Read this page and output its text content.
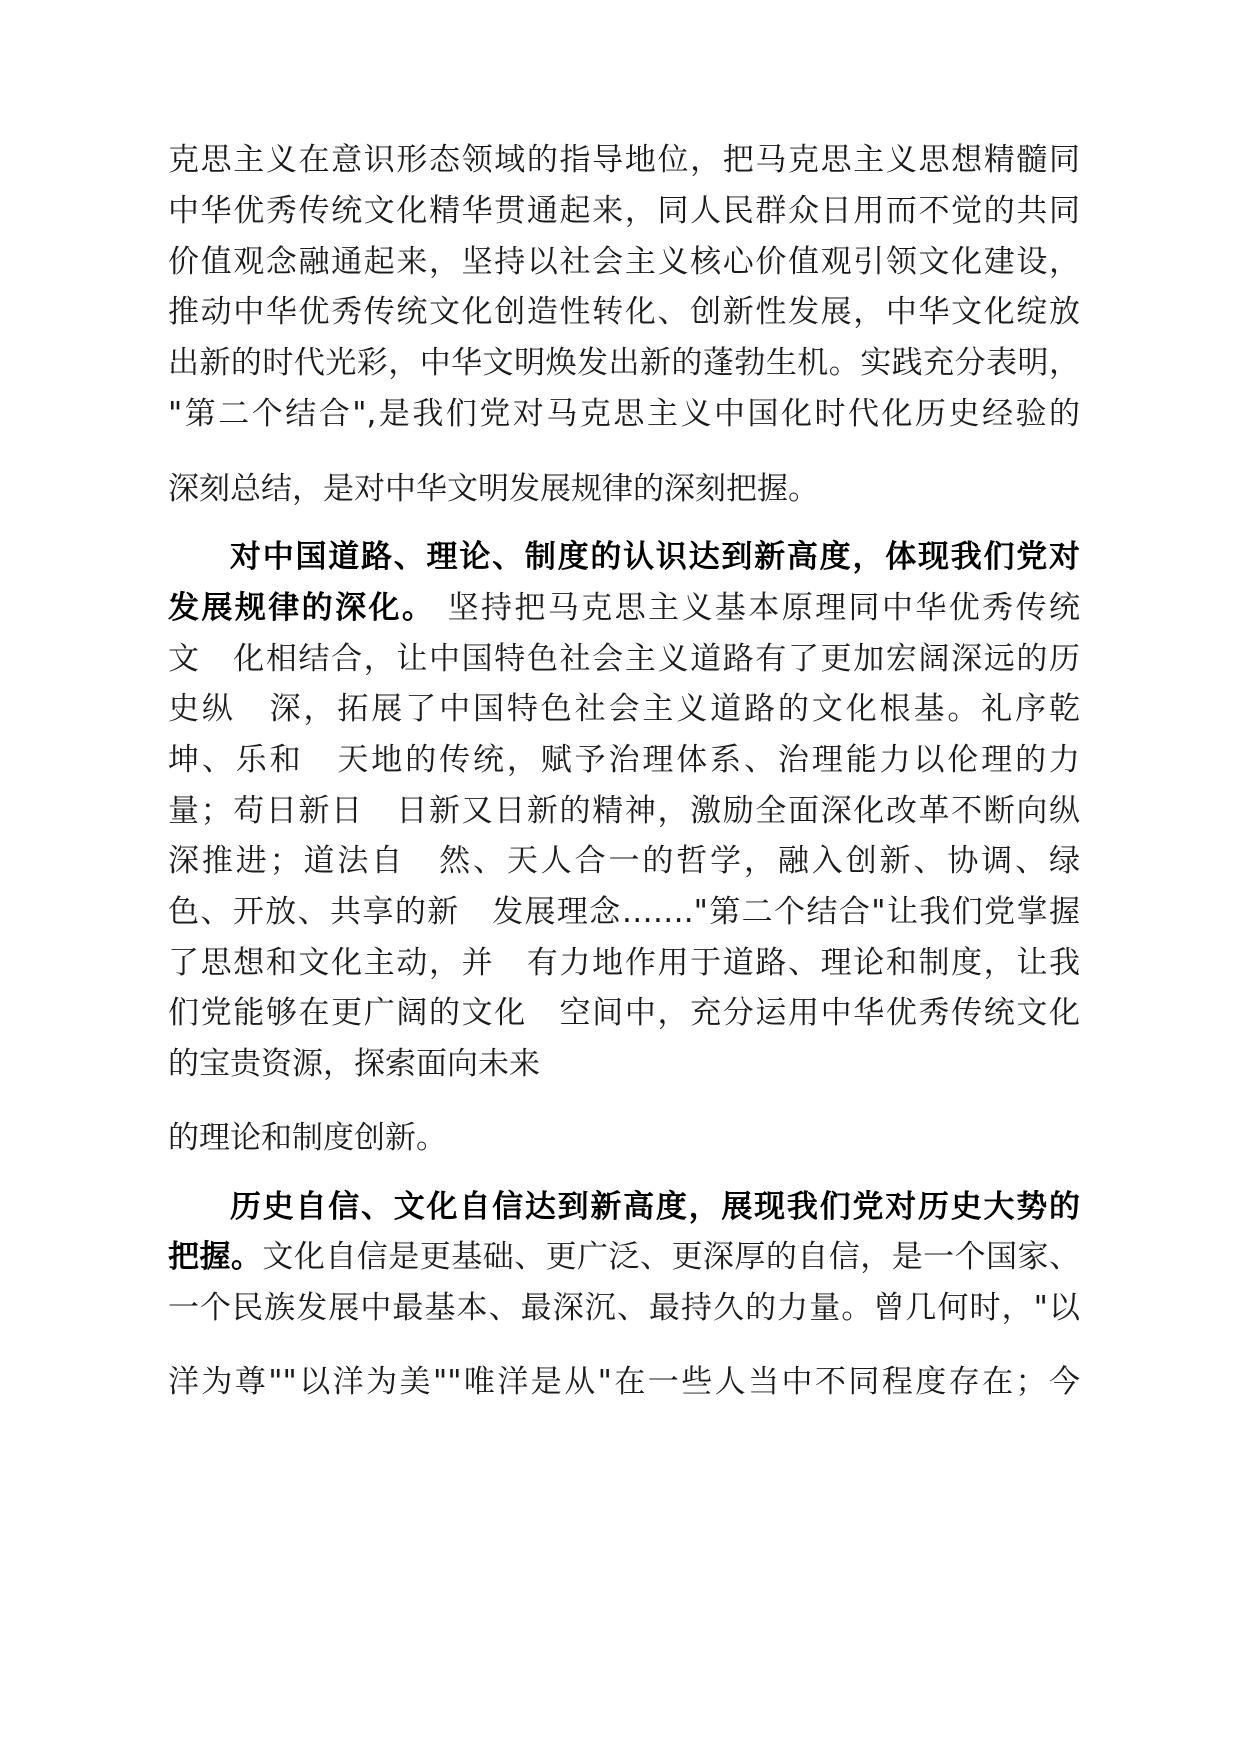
克思主义在意识形态领域的指导地位，把马克思主义思想精髓同
中华优秀传统文化精华贯通起来，同人民群众日用而不觉的共同
价值观念融通起来，坚持以社会主义核心价值观引领文化建设，
推动中华优秀传统文化创造性转化、创新性发展，中华文化绽放
出新的时代光彩，中华文明焕发出新的蓬勃生机。实践充分表明，
"第二个结合",是我们党对马克思主义中国化时代化历史经验的
深刻总结，是对中华文明发展规律的深刻把握。
对中国道路、理论、制度的认识达到新高度，体现我们党对
发展规律的深化。 坚持把马克思主义基本原理同中华优秀传统
文　化相结合，让中国特色社会主义道路有了更加宏阔深远的历
史纵　深，拓展了中国特色社会主义道路的文化根基。礼序乾
坤、乐和　天地的传统，赋予治理体系、治理能力以伦理的力
量；苟日新日　日新又日新的精神，激励全面深化改革不断向纵
深推进；道法自　然、天人合一的哲学，融入创新、协调、绿
色、开放、共享的新　发展理念……."第二个结合"让我们党掌握
了思想和文化主动，并　有力地作用于道路、理论和制度，让我
们党能够在更广阔的文化　空间中，充分运用中华优秀传统文化
的宝贵资源，探索面向未来
的理论和制度创新。
历史自信、文化自信达到新高度，展现我们党对历史大势的
把握。文化自信是更基础、更广泛、更深厚的自信，是一个国家、
一个民族发展中最基本、最深沉、最持久的力量。曾几何时，"以
洋为尊""以洋为美""唯洋是从"在一些人当中不同程度存在；今
